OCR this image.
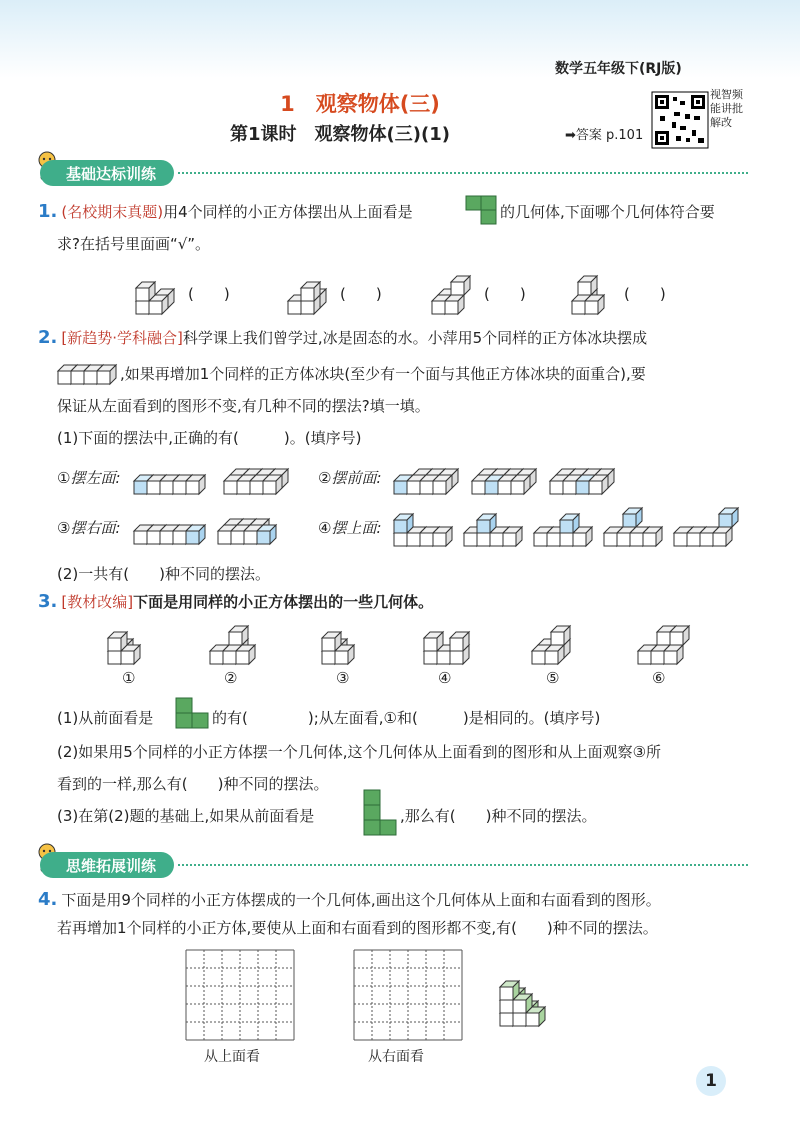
数学五年级下(RJ版)
1　观察物体(三)
第1课时　观察物体(三)(1)	➡答案 p.101
视智频能讲批解改
基础达标训练
1. (名校期末真题)用4个同样的小正方体摆出从上面看是	的几何体,下面哪个几何体符合要
求?在括号里面画“√”。
(　　)	(　　)	(　　)	(　　)
2. [新趋势·学科融合]科学课上我们曾学过,冰是固态的水。小萍用5个同样的正方体冰块摆成
,如果再增加1个同样的正方体冰块(至少有一个面与其他正方体冰块的面重合),要
保证从左面看到的图形不变,有几种不同的摆法?填一填。
(1)下面的摆法中,正确的有(　　　)。(填序号)
①摆左面:	②摆前面:
③摆右面:	④摆上面:
(2)一共有(　　)种不同的摆法。
3. [教材改编]下面是用同样的小正方体摆出的一些几何体。
①	②	③	④	⑤	⑥
(1)从前面看是	的有(　　　　);从左面看,①和(　　　)是相同的。(填序号)
(2)如果用5个同样的小正方体摆一个几何体,这个几何体从上面看到的图形和从上面观察③所
看到的一样,那么有(　　)种不同的摆法。
(3)在第(2)题的基础上,如果从前面看是	,那么有(　　)种不同的摆法。
思维拓展训练
4. 下面是用9个同样的小正方体摆成的一个几何体,画出这个几何体从上面和右面看到的图形。
若再增加1个同样的小正方体,要使从上面和右面看到的图形都不变,有(　　)种不同的摆法。
从上面看	从右面看
1
